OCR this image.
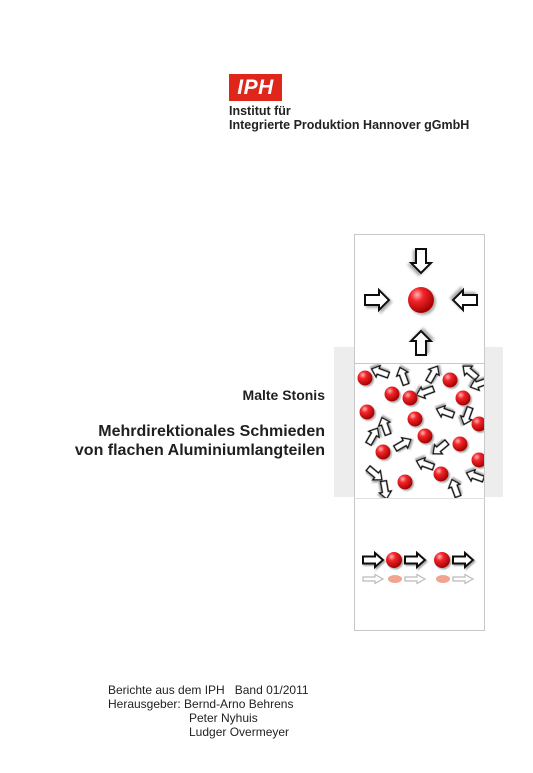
IPH
Institut für
Integrierte Produktion Hannover gGmbH
Malte Stonis
Mehrdirektionales Schmieden
von flachen Aluminiumlangteilen
Berichte aus dem IPH   Band 01/2011
Herausgeber: Bernd-Arno Behrens
Peter Nyhuis
Ludger Overmeyer
